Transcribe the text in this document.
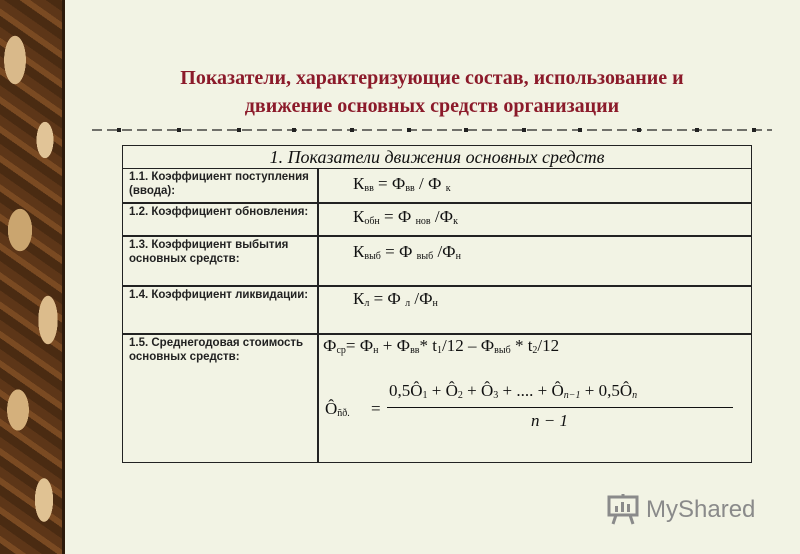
Показатели, характеризующие состав, использование и
движение основных средств организации
1. Показатели движения основных средств
1.1. Коэффициент поступления (ввода):
1.2. Коэффициент обновления:
1.3. Коэффициент выбытия основных средств:
1.4. Коэффициент ликвидации:
1.5. Среднегодовая стоимость основных средств:
$К_{вв} = Ф_{вв} / Ф$ $_к$
$К_{обн} = Ф$ $_{нов}$ $/Ф_к$
$К_{выб} = Ф$ $_{выб}$ $/Ф_н$
$К_л = Ф$ $_л$ $/Ф_н$
$Ф_{ср}= Ф_н + Ф_{вв}*$ $t_1/12 - Ф_{выб} * t_2/12$
$Ô_{ñð.}$ =
$0,5Ô_1$ + $Ô_2$ + $Ô_3$ + .... + $Ô_{n-1}$ + $0,5Ô_n$
n − 1
MyShared
